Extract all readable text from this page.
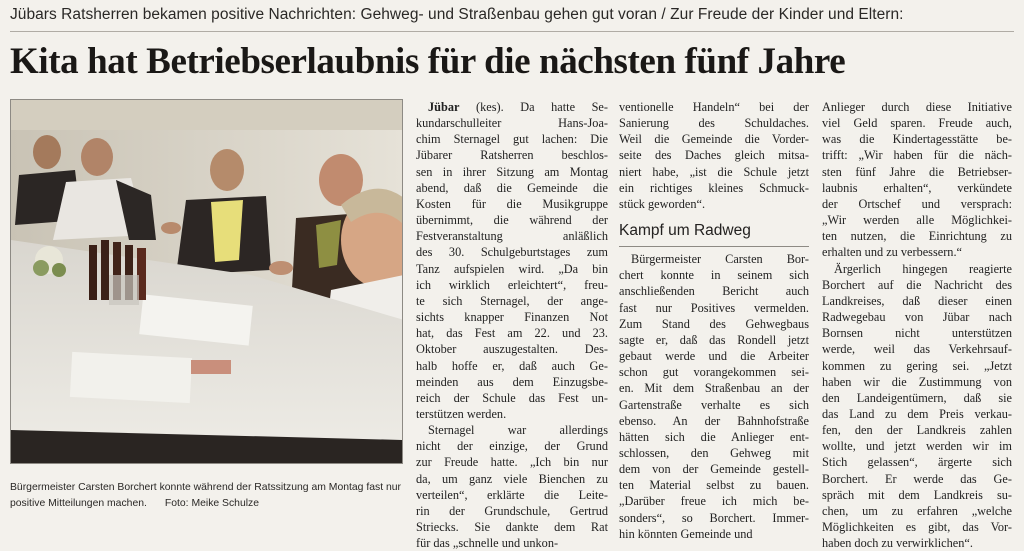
Jübars Ratsherren bekamen positive Nachrichten: Gehweg- und Straßenbau gehen gut voran / Zur Freude der Kinder und Eltern:
Kita hat Betriebserlaubnis für die nächsten fünf Jahre
Bürgermeister Carsten Borchert konnte während der Ratssitzung am Montag fast nur positive Mitteilungen machen. Foto: Meike Schulze
Jübar (kes). Da hatte Se-
kundarschulleiter Hans-Joa-
chim Sternagel gut lachen: Die
Jübarer Ratsherren beschlos-
sen in ihrer Sitzung am Montag
abend, daß die Gemeinde die
Kosten für die Musikgruppe
übernimmt, die während der
Festveranstaltung anläßlich
des 30. Schulgeburtstages zum
Tanz aufspielen wird. „Da bin
ich wirklich erleichtert“, freu-
te sich Sternagel, der ange-
sichts knapper Finanzen Not
hat, das Fest am 22. und 23.
Oktober auszugestalten. Des-
halb hoffe er, daß auch Ge-
meinden aus dem Einzugsbe-
reich der Schule das Fest un-
terstützen werden.
Sternagel war allerdings
nicht der einzige, der Grund
zur Freude hatte. „Ich bin nur
da, um ganz viele Bienchen zu
verteilen“, erklärte die Leite-
rin der Grundschule, Gertrud
Striecks. Sie dankte dem Rat
für das „schnelle und unkon-
ventionelle Handeln“ bei der
Sanierung des Schuldaches.
Weil die Gemeinde die Vorder-
seite des Daches gleich mitsa-
niert habe, „ist die Schule jetzt
ein richtiges kleines Schmuck-
stück geworden“.
Kampf um Radweg
Bürgermeister Carsten Bor-
chert konnte in seinem sich
anschließenden Bericht auch
fast nur Positives vermelden.
Zum Stand des Gehwegbaus
sagte er, daß das Rondell jetzt
gebaut werde und die Arbeiter
schon gut vorangekommen sei-
en. Mit dem Straßenbau an der
Gartenstraße verhalte es sich
ebenso. An der Bahnhofstraße
hätten sich die Anlieger ent-
schlossen, den Gehweg mit
dem von der Gemeinde gestell-
ten Material selbst zu bauen.
„Darüber freue ich mich be-
sonders“, so Borchert. Immer-
hin könnten Gemeinde und
Anlieger durch diese Initiative
viel Geld sparen. Freude auch,
was die Kindertagesstätte be-
trifft: „Wir haben für die näch-
sten fünf Jahre die Betriebser-
laubnis erhalten“, verkündete
der Ortschef und versprach:
„Wir werden alle Möglichkei-
ten nutzen, die Einrichtung zu
erhalten und zu verbessern.“
Ärgerlich hingegen reagierte
Borchert auf die Nachricht des
Landkreises, daß dieser einen
Radwegebau von Jübar nach
Bornsen nicht unterstützen
werde, weil das Verkehrsauf-
kommen zu gering sei. „Jetzt
haben wir die Zustimmung von
den Landeigentümern, daß sie
das Land zu dem Preis verkau-
fen, den der Landkreis zahlen
wollte, und jetzt werden wir im
Stich gelassen“, ärgerte sich
Borchert. Er werde das Ge-
spräch mit dem Landkreis su-
chen, um zu erfahren „welche
Möglichkeiten es gibt, das Vor-
haben doch zu verwirklichen“.
